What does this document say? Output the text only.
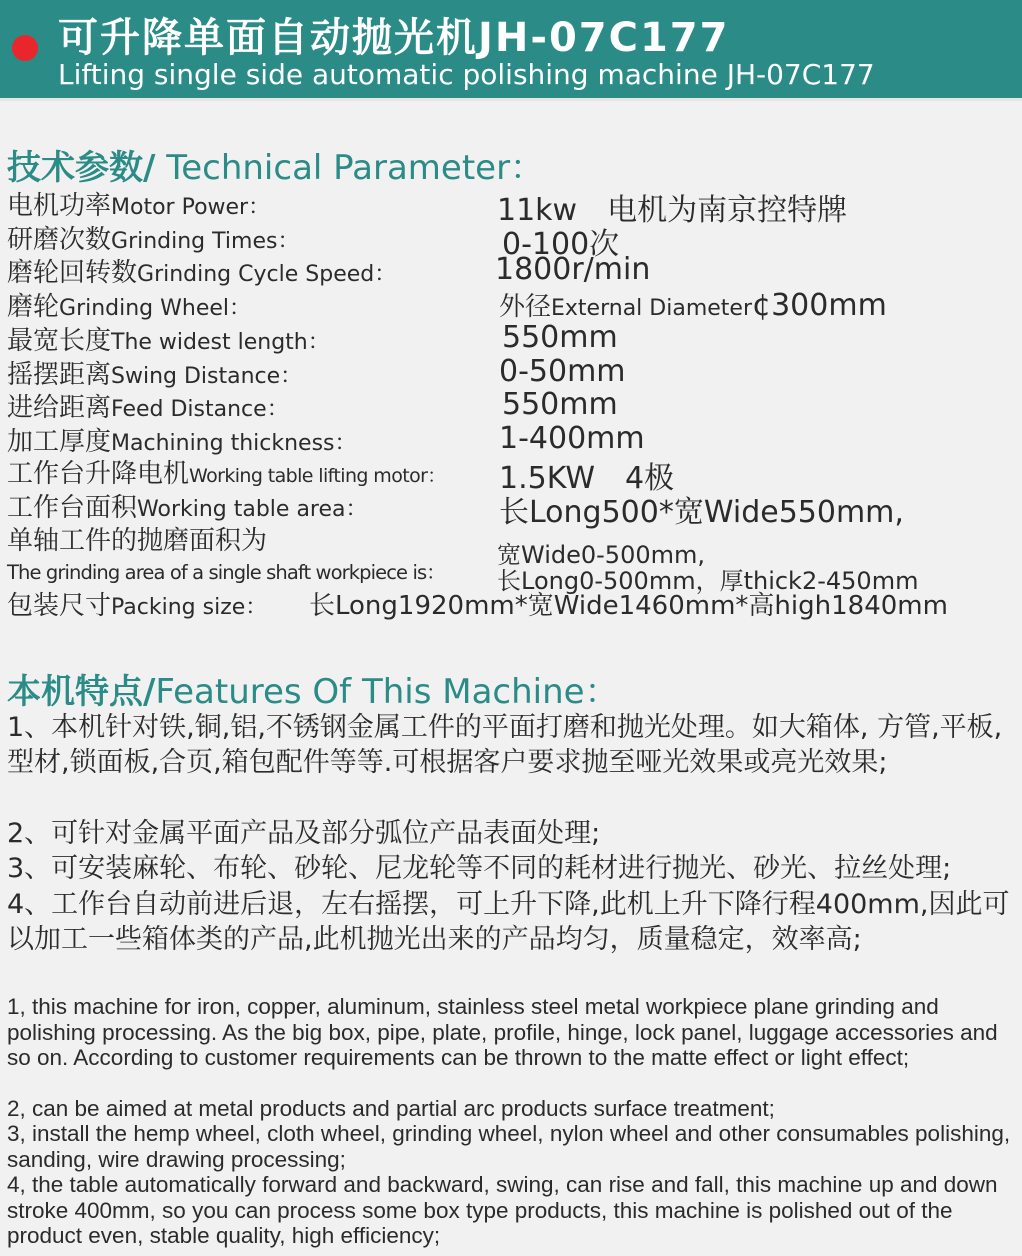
可升降单面自动抛光机JH-07C177
Lifting single side automatic polishing machine JH-07C177
技术参数/ Technical Parameter：
电机功率Motor Power：	11kw　电机为南京控特牌
研磨次数Grinding Times：	0-100次
磨轮回转数Grinding Cycle Speed：	1800r/min
磨轮Grinding Wheel：	外径External Diameter¢300mm
最宽长度The widest length：	550mm
摇摆距离Swing Distance：	0-50mm
进给距离Feed Distance：	550mm
加工厚度Machining thickness：	1-400mm
工作台升降电机Working table lifting motor： 1.5KW　4极
工作台面积Working table area：	长Long500*宽Wide550mm,
单轴工件的抛磨面积为
The grinding area of a single shaft workpiece is：
宽Wide0-500mm,
长Long0-500mm，厚thick2-450mm
包装尺寸Packing size： 长Long1920mm*宽Wide1460mm*高high1840mm
本机特点/Features Of This Machine：
1、本机针对铁,铜,铝,不锈钢金属工件的平面打磨和抛光处理。如大箱体, 方管,平板,型材,锁面板,合页,箱包配件等等.可根据客户要求抛至哑光效果或亮光效果;
2、可针对金属平面产品及部分弧位产品表面处理;
3、可安装麻轮、布轮、砂轮、尼龙轮等不同的耗材进行抛光、砂光、拉丝处理;
4、工作台自动前进后退，左右摇摆，可上升下降,此机上升下降行程400mm,因此可以加工一些箱体类的产品,此机抛光出来的产品均匀，质量稳定，效率高;
1, this machine for iron, copper, aluminum, stainless steel metal workpiece plane grinding and polishing processing. As the big box, pipe, plate, profile, hinge, lock panel, luggage accessories and so on. According to customer requirements can be thrown to the matte effect or light effect;
2, can be aimed at metal products and partial arc products surface treatment;
3, install the hemp wheel, cloth wheel, grinding wheel, nylon wheel and other consumables polishing, sanding, wire drawing processing;
4, the table automatically forward and backward, swing, can rise and fall, this machine up and down stroke 400mm, so you can process some box type products, this machine is polished out of the product even, stable quality, high efficiency;
